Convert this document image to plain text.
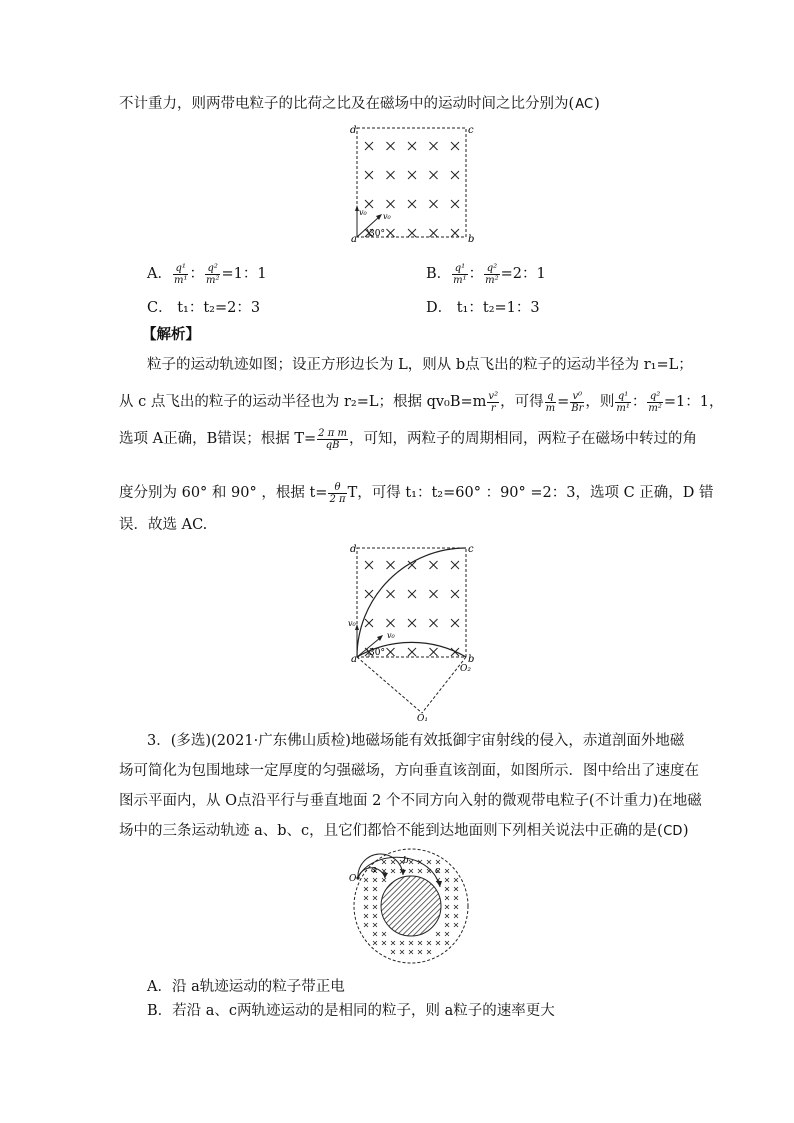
不计重力，则两带电粒子的比荷之比及在磁场中的运动时间之比分别为(AC)
a	b
c
d
v₀ v₀
30°
A． $\frac{\text{q¹}}{\text{m¹}}$ ： $\frac{\text{q²}}{\text{m²}} =1$：1	B． $\frac{\text{q¹}}{\text{m¹}}$ ： $\frac{\text{q²}}{\text{m²}} =2$：1
C． t₁：t₂=2：3	D． t₁：t₂=1：3
【解析】
粒子的运动轨迹如图；设正方形边长为 L，则从 b点飞出的粒子的运动半径为 r₁=L；
从 c 点飞出的粒子的运动半径也为 r₂=L；根据 $qv_0B=m \frac{\text{v²}}{r}$ ，可得 $\frac{q}{m} = \frac{\text{v⁰}}{Br}$ ，则 $\frac{\text{q¹}}{\text{m¹}}$ ： $\frac{\text{q²}}{\text{m²}} =1$：1，
选项 A正确，B错误；根据 $T= \frac{\text{2 π m}}{qB}$ ，可知，两粒子的周期相同，两粒子在磁场中转过的角
度分别为 60° 和 90° ，根据 $t= \frac{\theta}{2 \pi}$ T，可得 t₁：t₂=60° ：90° =2：3，选项 C 正确，D 错
误．故选 AC.
a	b
c
d
v₀
v₀
30°
O₂
O₁
3．(多选)(2021·广东佛山质检)地磁场能有效抵御宇宙射线的侵入，赤道剖面外地磁
场可简化为包围地球一定厚度的匀强磁场，方向垂直该剖面，如图所示．图中给出了速度在
图示平面内，从 O点沿平行与垂直地面 2 个不同方向入射的微观带电粒子(不计重力)在地磁
场中的三条运动轨迹 a、b、c，且它们都恰不能到达地面则下列相关说法中正确的是(CD)
O
a
b
c
A．沿 a轨迹运动的粒子带正电
B．若沿 a、c两轨迹运动的是相同的粒子，则 a粒子的速率更大
